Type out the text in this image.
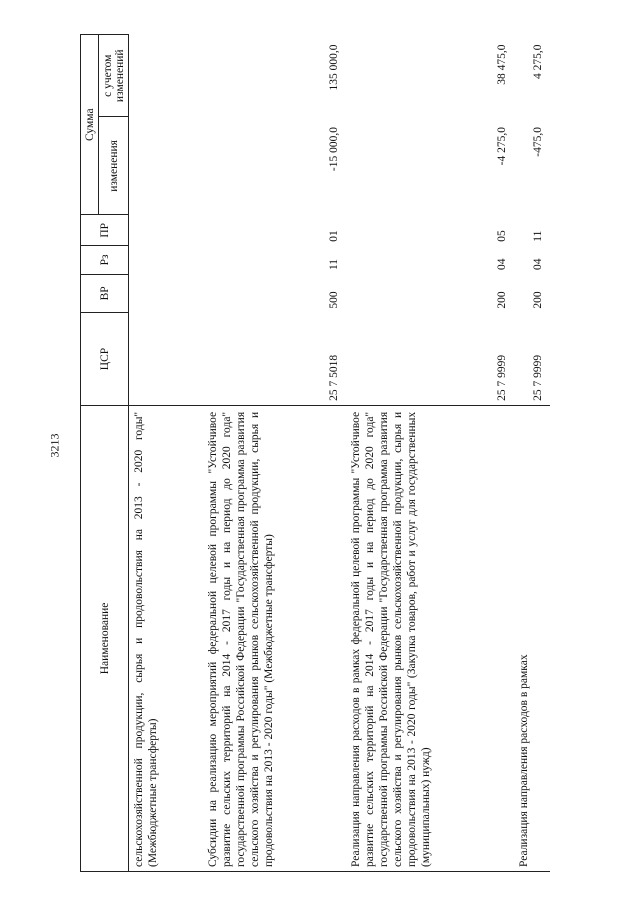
3213
Наименование	ЦСР	ВР	Рз	ПР	Сумма	
					изменения	с учетом изменений
сельскохозяйственной продукции, сырья и продовольствия на 2013 - 2020 годы" (Межбюджетные трансферты)						
Субсидии на реализацию мероприятий федеральной целевой программы "Устойчивое развитие сельских территорий на 2014 - 2017 годы и на период до 2020 года" государственной программы Российской Федерации "Государственная программа развития сельского хозяйства и регулирования рынков сельскохозяйственной продукции, сырья и продовольствия на 2013 - 2020 годы" (Межбюджетные трансферты)	25 7 5018	500	11	01	-15 000,0	135 000,0
Реализация направления расходов в рамках федеральной целевой программы "Устойчивое развитие сельских территорий на 2014 - 2017 годы и на период до 2020 года" государственной программы Российской Федерации "Государственная программа развития сельского хозяйства и регулирования рынков сельскохозяйственной продукции, сырья и продовольствия на 2013 - 2020 годы" (Закупка товаров, работ и услуг для государственных (муниципальных) нужд)	25 7 9999	200	04	05	-4 275,0	38 475,0
Реализация направления расходов в рамках	25 7 9999	200	04	11	-475,0	4 275,0
